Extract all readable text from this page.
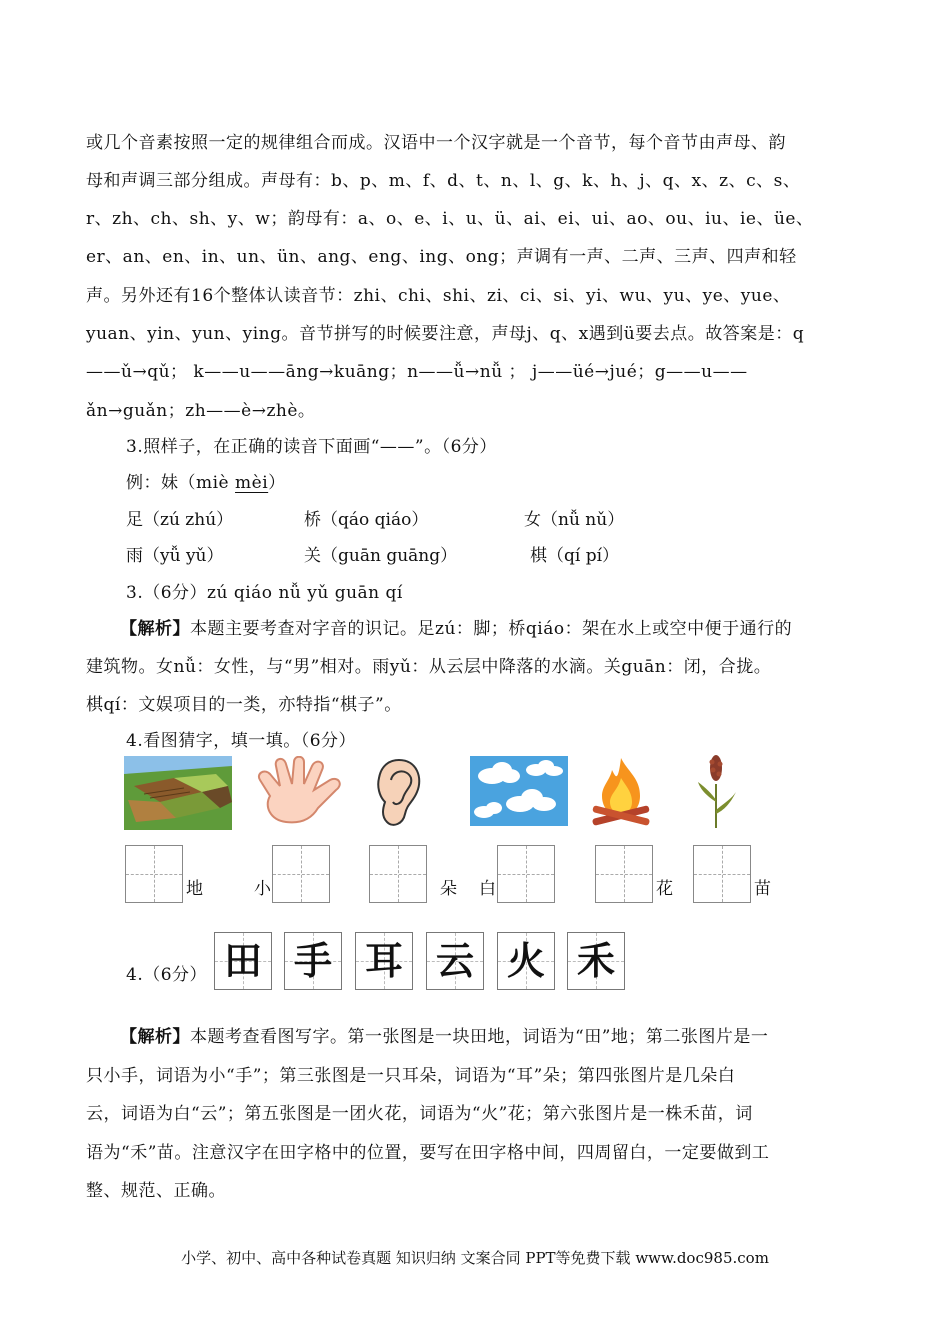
或几个音素按照一定的规律组合而成。汉语中一个汉字就是一个音节，每个音节由声母、韵
母和声调三部分组成。声母有：b、p、m、f、d、t、n、l、g、k、h、j、q、x、z、c、s、
r、zh、ch、sh、y、w；韵母有：a、o、e、i、u、ü、ai、ei、ui、ao、ou、iu、ie、üe、
er、an、en、in、un、ün、ang、eng、ing、ong；声调有一声、二声、三声、四声和轻
声。另外还有16个整体认读音节：zhi、chi、shi、zi、ci、si、yi、wu、yu、ye、yue、
yuan、yin、yun、ying。音节拼写的时候要注意，声母j、q、x遇到ü要去点。故答案是：q
——ǔ→qǔ； k——u——āng→kuāng；n——ǚ→nǚ ； j——üé→jué；g——u——
ǎn→guǎn；zh——è→zhè。
3.照样子，在正确的读音下面画“——”。（6分）
例：妹（miè mèi）
足（zú zhú）	桥（qáo qiáo）	女（nǚ nǔ）
雨（yǚ yǔ）	关（guān guāng）	棋（qí pí）
3.（6分）zú qiáo nǚ yǔ guān qí
【解析】本题主要考查对字音的识记。足zú：脚；桥qiáo：架在水上或空中便于通行的
建筑物。女nǚ：女性，与“男”相对。雨yǔ：从云层中降落的水滴。关guān：闭，合拢。
棋qí：文娱项目的一类，亦特指“棋子”。
4.看图猜字，填一填。（6分）
地	小	朵 白	花	苗
4.（6分） 田 手 耳 云 火 禾
【解析】本题考查看图写字。第一张图是一块田地，词语为“田”地；第二张图片是一
只小手，词语为小“手”；第三张图是一只耳朵，词语为“耳”朵；第四张图片是几朵白
云，词语为白“云”；第五张图是一团火花，词语为“火”花；第六张图片是一株禾苗，词
语为“禾”苗。注意汉字在田字格中的位置，要写在田字格中间，四周留白，一定要做到工
整、规范、正确。
小学、初中、高中各种试卷真题 知识归纳 文案合同 PPT等免费下载 www.doc985.com
